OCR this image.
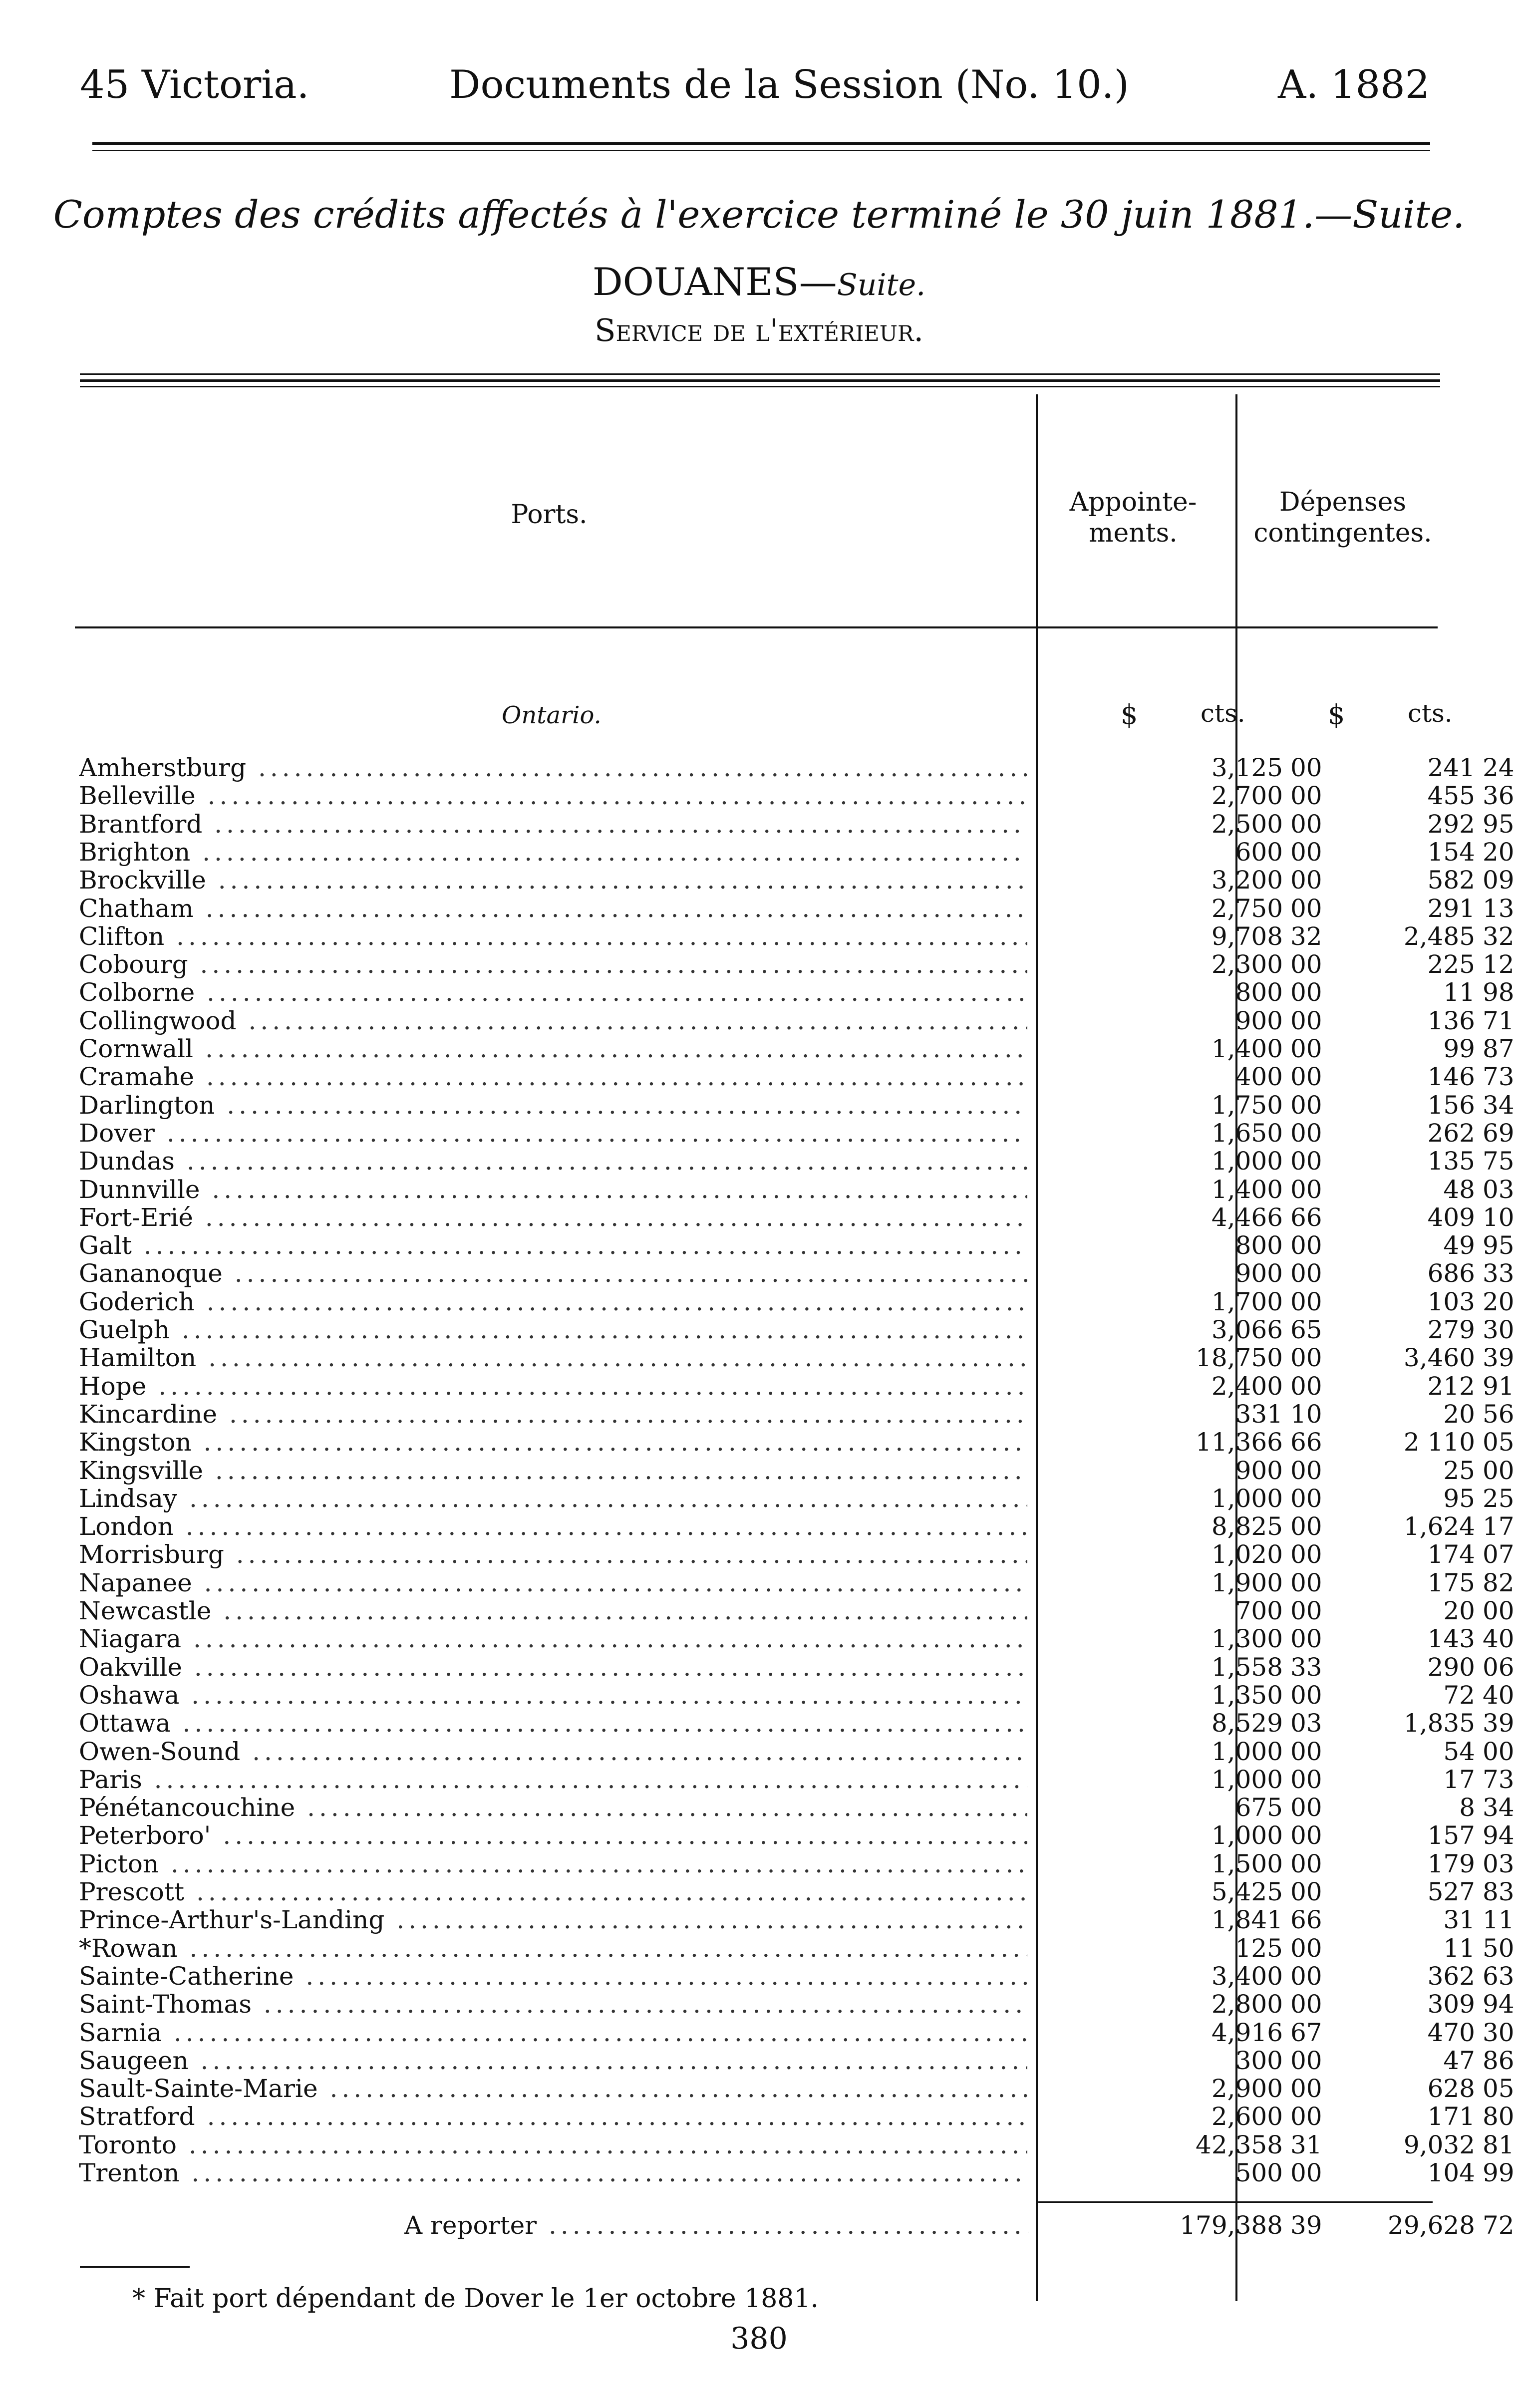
45 Victoria.	Documents de la Session (No. 10.)	A. 1882
Comptes des crédits affectés à l'exercice terminé le 30 juin 1881.—Suite.
DOUANES—Suite.
Service de l'extérieur.
Ports.	Appointe- ments.
Dépenses contingentes.
Ontario.	$	cts.	$	cts.
Amherstburg .....	3,125 00	241 24
Belleville .....	2,700 00	455 36
Brantford .....	2,500 00	292 95
Brighton .....	600 00	154 20
Brockville .....	3,200 00	582 09
Chatham .....	2,750 00	291 13
Clifton .....	9,708 32	2,485 32
Cobourg .....	2,300 00	225 12
Colborne .....	800 00	11 98
Collingwood .....	900 00	136 71
Cornwall .....	1,400 00	99 87
Cramahe .....	400 00	146 73
Darlington .....	1,750 00	156 34
Dover .....	1,650 00	262 69
Dundas .....	1,000 00	135 75
Dunnville .....	1,400 00	48 03
Fort-Erié .....	4,466 66	409 10
Galt .....	800 00	49 95
Gananoque .....	900 00	686 33
Goderich .....	1,700 00	103 20
Guelph .....	3,066 65	279 30
Hamilton .....	18,750 00	3,460 39
Hope .....	2,400 00	212 91
Kincardine .....	331 10	20 56
Kingston .....	11,366 66	2 110 05
Kingsville .....	900 00	25 00
Lindsay .....	1,000 00	95 25
London .....	8,825 00	1,624 17
Morrisburg .....	1,020 00	174 07
Napanee .....	1,900 00	175 82
Newcastle .....	700 00	20 00
Niagara .....	1,300 00	143 40
Oakville .....	1,558 33	290 06
Oshawa .....	1,350 00	72 40
Ottawa .....	8,529 03	1,835 39
Owen-Sound .....	1,000 00	54 00
Paris .....	1,000 00	17 73
Pénétancouchine .....	675 00	8 34
Peterboro' .....	1,000 00	157 94
Picton .....	1,500 00	179 03
Prescott .....	5,425 00	527 83
Prince-Arthur's-Landing .....	1,841 66	31 11
*Rowan .....	125 00	11 50
Sainte-Catherine .....	3,400 00	362 63
Saint-Thomas .....	2,800 00	309 94
Sarnia .....	4,916 67	470 30
Saugeen .....	300 00	47 86
Sault-Sainte-Marie .....	2,900 00	628 05
Stratford .....	2,600 00	171 80
Toronto .....	42,358 31	9,032 81
Trenton .....	500 00	104 99
A reporter .....	179,388 39	29,628 72
* Fait port dépendant de Dover le 1er octobre 1881.
380
